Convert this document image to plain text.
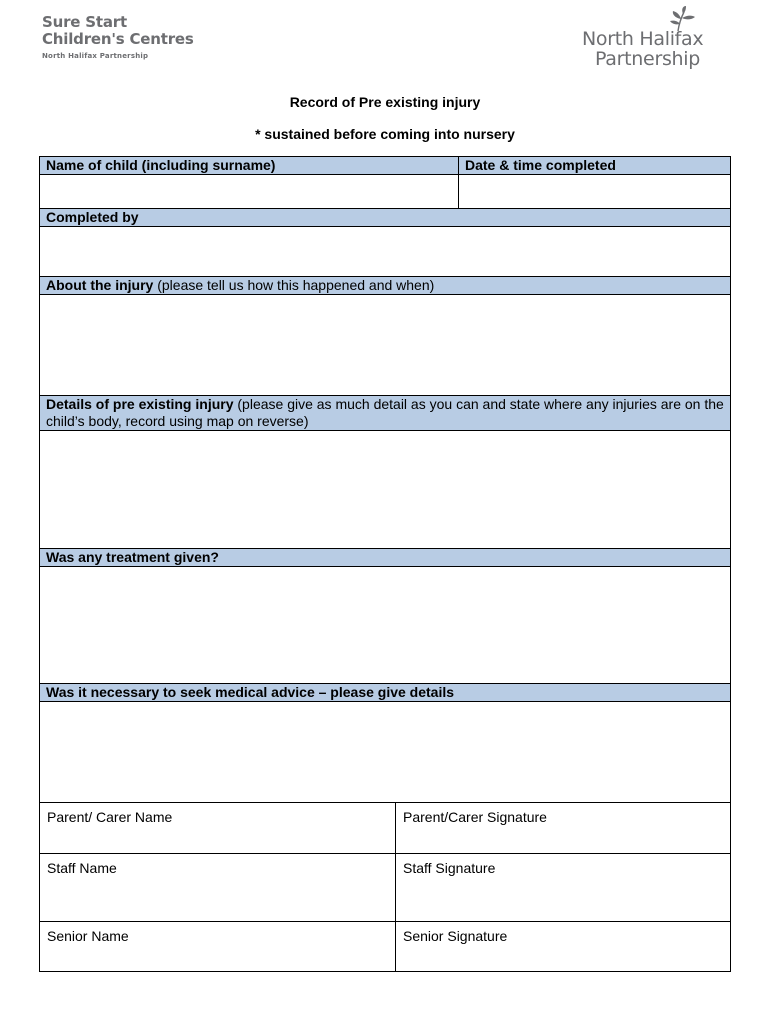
Sure Start
Children's Centres
North Halifax Partnership
North Halifax
Partnership
Record of Pre existing injury
* sustained before coming into nursery
Name of child (including surname)	Date & time completed
Completed by
About the injury (please tell us how this happened and when)
Details of pre existing injury (please give as much detail as you can and state where any injuries are on the child’s body, record using map on reverse)
Was any treatment given?
Was it necessary to seek medical advice – please give details
Parent/ Carer Name	Parent/Carer Signature
Staff Name	Staff Signature
Senior Name	Senior Signature
